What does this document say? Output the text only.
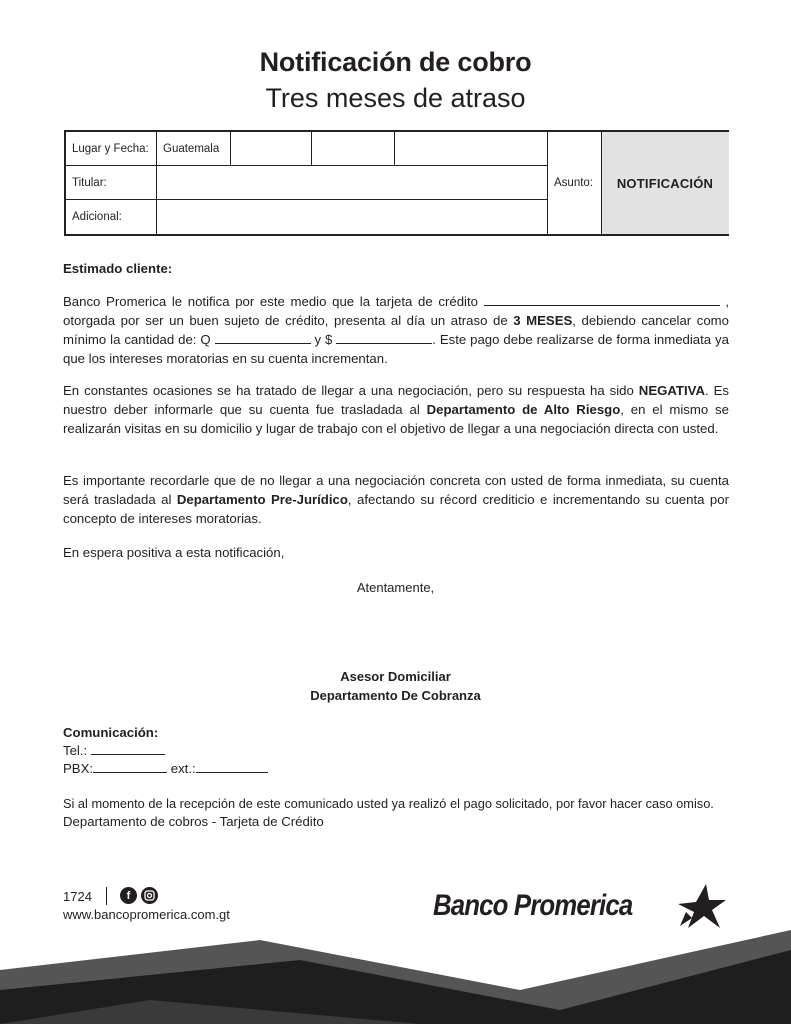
Notificación de cobro
Tres meses de atraso
Lugar y Fecha:	Guatemala
Titular:
Adicional:
Asunto:	NOTIFICACIÓN
Estimado cliente:
Banco Promerica le notifica por este medio que la tarjeta de crédito	, otorgada por ser un buen sujeto de crédito, presenta al día un atraso de 3 MESES, debiendo cancelar como mínimo la cantidad de: Q	y $	. Este pago debe realizarse de forma inmediata ya que los intereses moratorias en su cuenta incrementan.
En constantes ocasiones se ha tratado de llegar a una negociación, pero su respuesta ha sido NEGATIVA. Es nuestro deber informarle que su cuenta fue trasladada al Departamento de Alto Riesgo, en el mismo se realizarán visitas en su domicilio y lugar de trabajo con el objetivo de llegar a una negociación directa con usted.
Es importante recordarle que de no llegar a una negociación concreta con usted de forma inmediata, su cuenta será trasladada al Departamento Pre-Jurídico, afectando su récord crediticio e incrementando su cuenta por concepto de intereses moratorias.
En espera positiva a esta notificación,
Atentamente,
Asesor Domiciliar
Departamento De Cobranza
Comunicación:
Tel.:
PBX:	ext.:
Si al momento de la recepción de este comunicado usted ya realizó el pago solicitado, por favor hacer caso omiso.
Departamento de cobros - Tarjeta de Crédito
1724	f
www.bancopromerica.com.gt	Banco Promerica
